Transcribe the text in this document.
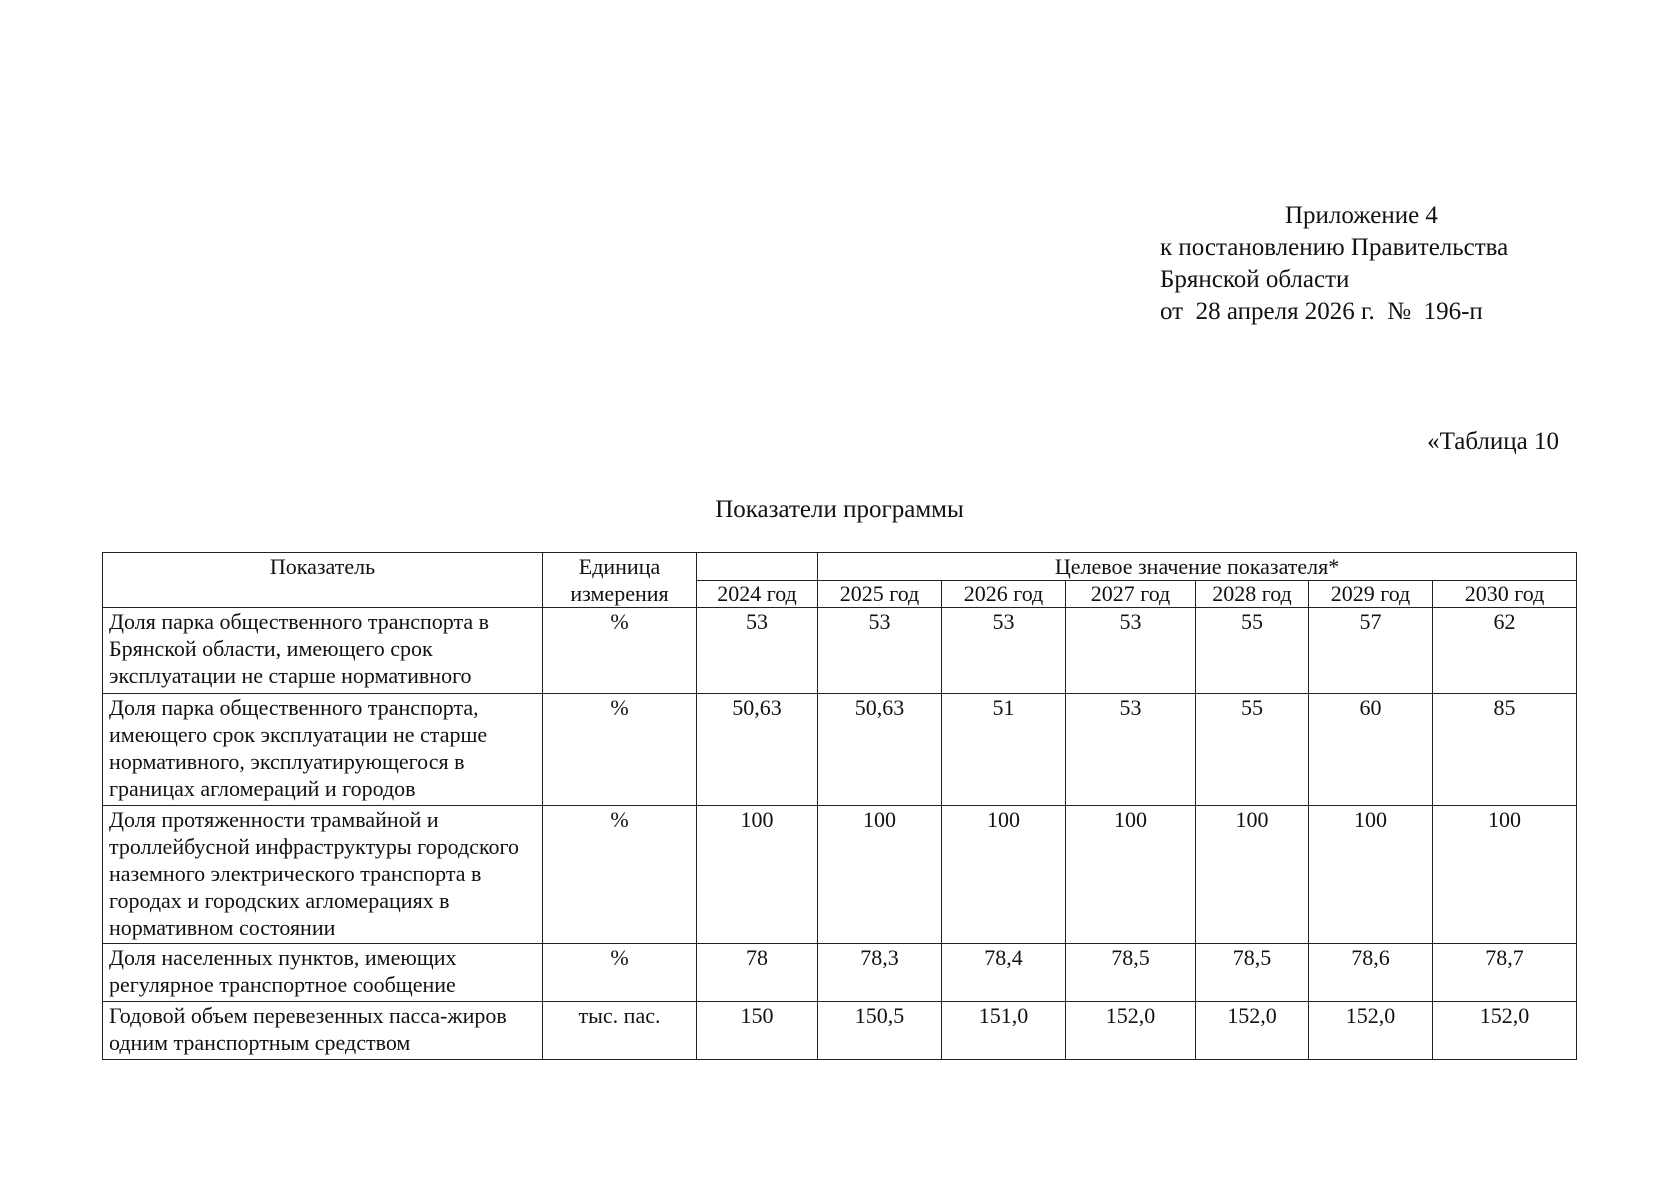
Приложение 4
к постановлению Правительства
Брянской области
от  28 апреля 2026 г.  №  196-п
«Таблица 10
Показатели программы
Показатель	Единица измерения		Целевое значение показателя*					
		2024 год	2025 год	2026 год	2027 год	2028 год	2029 год	2030 год
Доля парка общественного транспорта в Брянской области, имеющего срок эксплуатации не старше нормативного	%	53	53	53	53	55	57	62
Доля парка общественного транспорта, имеющего срок эксплуатации не старше нормативного, эксплуатирующегося в границах агломераций и городов	%	50,63	50,63	51	53	55	60	85
Доля протяженности трамвайной и троллейбусной инфраструктуры городского наземного электрического транспорта в городах и городских агломерациях в нормативном состоянии	%	100	100	100	100	100	100	100
Доля населенных пунктов, имеющих регулярное транспортное сообщение	%	78	78,3	78,4	78,5	78,5	78,6	78,7
Годовой объем перевезенных пасса-жиров одним транспортным средством	тыс. пас.	150	150,5	151,0	152,0	152,0	152,0	152,0
